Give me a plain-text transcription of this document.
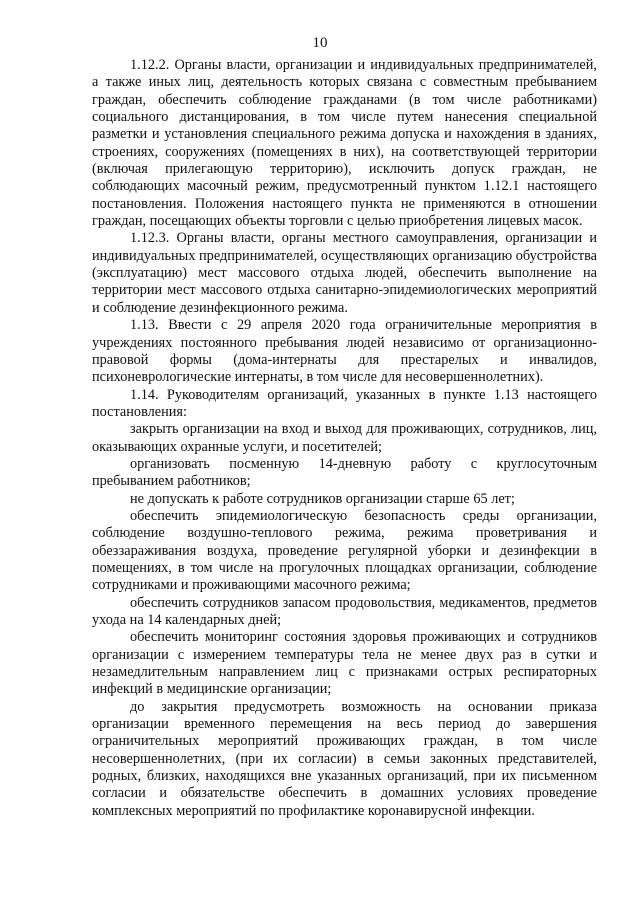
10

1.12.2. Органы власти, организации и индивидуальных предпринимателей, а также иных лиц, деятельность которых связана с совместным пребыванием граждан, обеспечить соблюдение гражданами (в том числе работниками) социального дистанцирования, в том числе путем нанесения специальной разметки и установления специального режима допуска и нахождения в зданиях, строениях, сооружениях (помещениях в них), на соответствующей территории (включая прилегающую территорию), исключить допуск граждан, не соблюдающих масочный режим, предусмотренный пунктом 1.12.1 настоящего постановления. Положения настоящего пункта не применяются в отношении граждан, посещающих объекты торговли с целью приобретения лицевых масок.

1.12.3. Органы власти, органы местного самоуправления, организации и индивидуальных предпринимателей, осуществляющих организацию обустройства (эксплуатацию) мест массового отдыха людей, обеспечить выполнение на территории мест массового отдыха санитарно-эпидемиологических мероприятий и соблюдение дезинфекционного режима.

1.13. Ввести с 29 апреля 2020 года ограничительные мероприятия в учреждениях постоянного пребывания людей независимо от организационно-правовой формы (дома-интернаты для престарелых и инвалидов, психоневрологические интернаты, в том числе для несовершеннолетних).

1.14. Руководителям организаций, указанных в пункте 1.13 настоящего постановления:

закрыть организации на вход и выход для проживающих, сотрудников, лиц, оказывающих охранные услуги, и посетителей;

организовать посменную 14-дневную работу с круглосуточным пребыванием работников;

не допускать к работе сотрудников организации старше 65 лет;

обеспечить эпидемиологическую безопасность среды организации, соблюдение воздушно-теплового режима, режима проветривания и обеззараживания воздуха, проведение регулярной уборки и дезинфекции в помещениях, в том числе на прогулочных площадках организации, соблюдение сотрудниками и проживающими масочного режима;

обеспечить сотрудников запасом продовольствия, медикаментов, предметов ухода на 14 календарных дней;

обеспечить мониторинг состояния здоровья проживающих и сотрудников организации с измерением температуры тела не менее двух раз в сутки и незамедлительным направлением лиц с признаками острых респираторных инфекций в медицинские организации;

до закрытия предусмотреть возможность на основании приказа организации временного перемещения на весь период до завершения ограничительных мероприятий проживающих граждан, в том числе несовершеннолетних, (при их согласии) в семьи законных представителей, родных, близких, находящихся вне указанных организаций, при их письменном согласии и обязательстве обеспечить в домашних условиях проведение комплексных мероприятий по профилактике коронавирусной инфекции.
